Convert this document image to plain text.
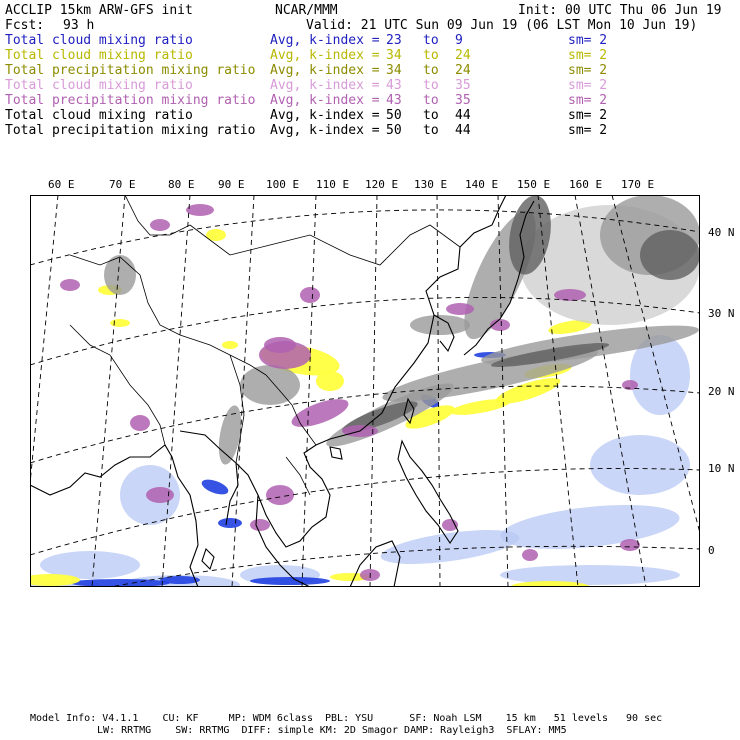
ACCLIP 15km ARW-GFS init	NCAR/MMM	Init: 00 UTC Thu 06 Jun 19
Fcst: 93 h	Valid: 21 UTC Sun 09 Jun 19 (06 LST Mon 10 Jun 19)
Total cloud mixing ratio	Avg, k-index = 23 to 9	sm= 2
Total cloud mixing ratio	Avg, k-index = 34 to 24	sm= 2
Total precipitation mixing ratio Avg, k-index = 34 to 24	sm= 2
Total cloud mixing ratio	Avg, k-index = 43 to 35	sm= 2
Total precipitation mixing ratio Avg, k-index = 43 to 35	sm= 2
Total cloud mixing ratio	Avg, k-index = 50 to 44	sm= 2
Total precipitation mixing ratio Avg, k-index = 50 to 44	sm= 2
60 E	70 E	80 E 90 E 100 E 110 E 120 E 130 E 140 E 150 E 160 E 170 E
40 N
30 N
20 N
10 N
0
Model Info: V4.1.1    CU: KF     MP: WDM 6class  PBL: YSU      SF: Noah LSM    15 km   51 levels   90 sec
LW: RRTMG    SW: RRTMG  DIFF: simple KM: 2D Smagor DAMP: Rayleigh3  SFLAY: MM5
